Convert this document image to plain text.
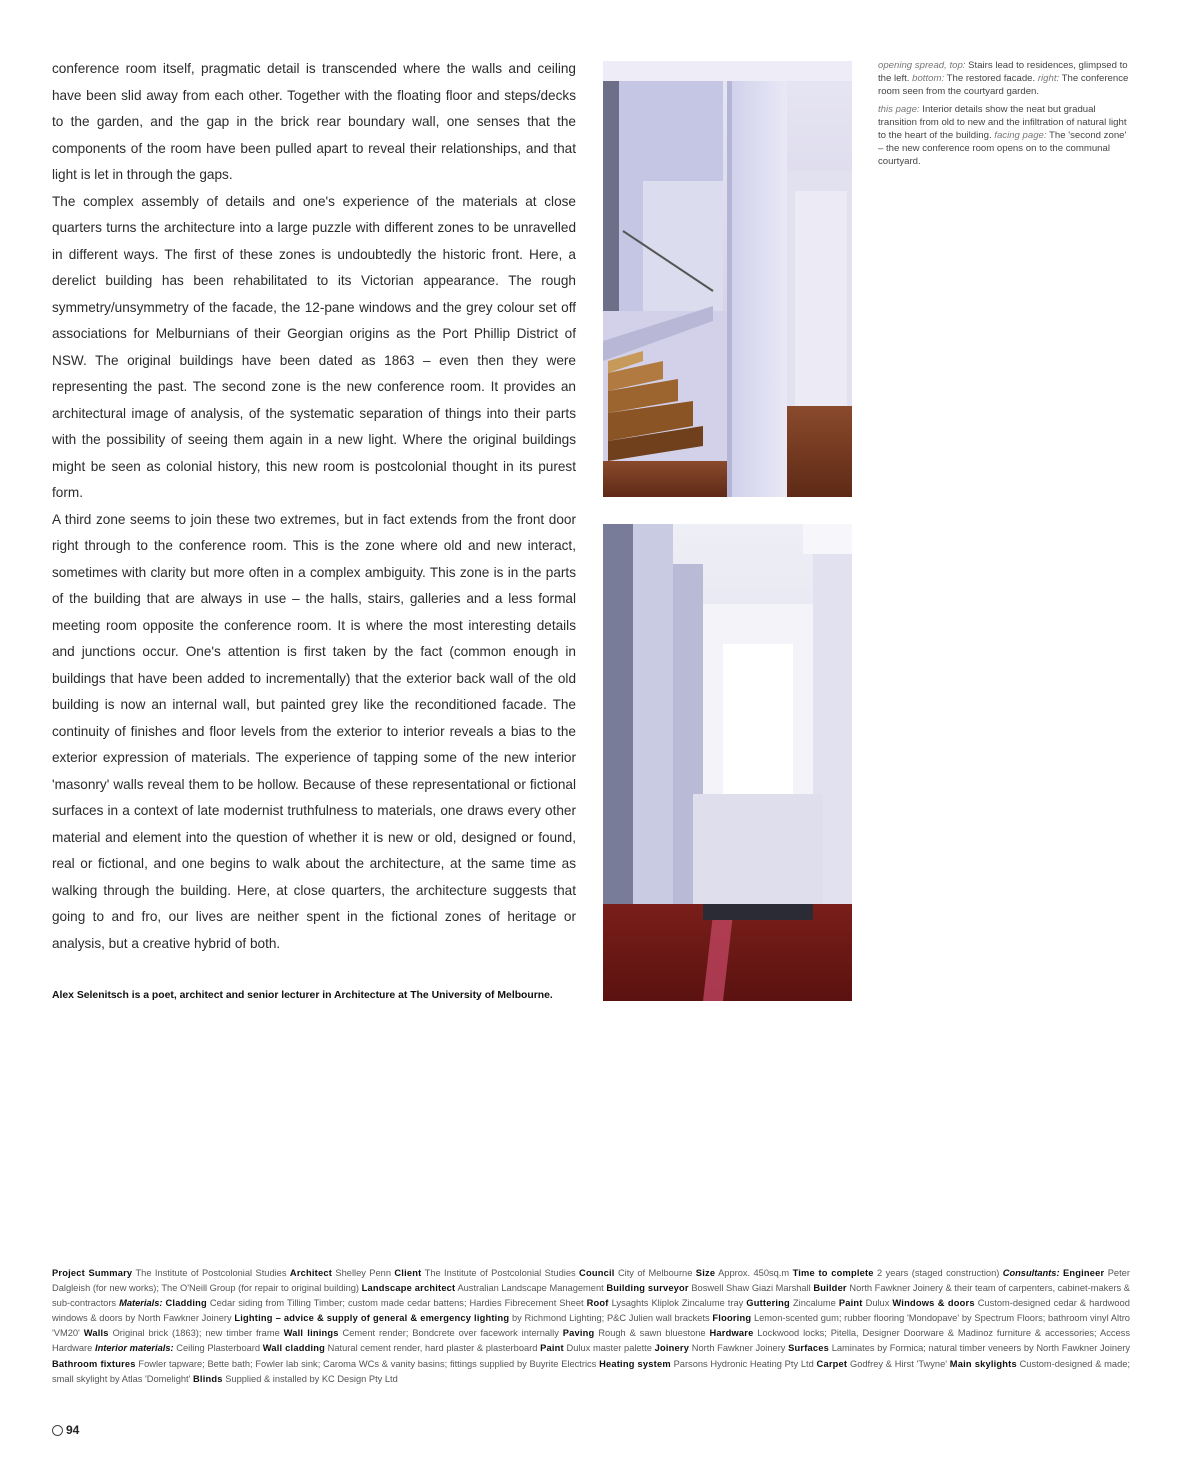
conference room itself, pragmatic detail is transcended where the walls and ceiling have been slid away from each other. Together with the floating floor and steps/decks to the garden, and the gap in the brick rear boundary wall, one senses that the components of the room have been pulled apart to reveal their relationships, and that light is let in through the gaps.

The complex assembly of details and one's experience of the materials at close quarters turns the architecture into a large puzzle with different zones to be unravelled in different ways. The first of these zones is undoubtedly the historic front. Here, a derelict building has been rehabilitated to its Victorian appearance. The rough symmetry/unsymmetry of the facade, the 12-pane windows and the grey colour set off associations for Melburnians of their Georgian origins as the Port Phillip District of NSW. The original buildings have been dated as 1863 – even then they were representing the past. The second zone is the new conference room. It provides an architectural image of analysis, of the systematic separation of things into their parts with the possibility of seeing them again in a new light. Where the original buildings might be seen as colonial history, this new room is postcolonial thought in its purest form.

A third zone seems to join these two extremes, but in fact extends from the front door right through to the conference room. This is the zone where old and new interact, sometimes with clarity but more often in a complex ambiguity. This zone is in the parts of the building that are always in use – the halls, stairs, galleries and a less formal meeting room opposite the conference room. It is where the most interesting details and junctions occur. One's attention is first taken by the fact (common enough in buildings that have been added to incrementally) that the exterior back wall of the old building is now an internal wall, but painted grey like the reconditioned facade. The continuity of finishes and floor levels from the exterior to interior reveals a bias to the exterior expression of materials. The experience of tapping some of the new interior 'masonry' walls reveal them to be hollow. Because of these representational or fictional surfaces in a context of late modernist truthfulness to materials, one draws every other material and element into the question of whether it is new or old, designed or found, real or fictional, and one begins to walk about the architecture, at the same time as walking through the building. Here, at close quarters, the architecture suggests that going to and fro, our lives are neither spent in the fictional zones of heritage or analysis, but a creative hybrid of both.

Alex Selenitsch is a poet, architect and senior lecturer in Architecture at The University of Melbourne.

opening spread, top: Stairs lead to residences, glimpsed to the left. bottom: The restored facade. right: The conference room seen from the courtyard garden.

this page: Interior details show the neat but gradual transition from old to new and the infiltration of natural light to the heart of the building. facing page: The 'second zone' – the new conference room opens on to the communal courtyard.

Project Summary The Institute of Postcolonial Studies Architect Shelley Penn Client The Institute of Postcolonial Studies Council City of Melbourne Size Approx. 450sq.m Time to complete 2 years (staged construction) Consultants: Engineer Peter Dalgleish (for new works); The O'Neill Group (for repair to original building) Landscape architect Australian Landscape Management Building surveyor Boswell Shaw Giazi Marshall Builder North Fawkner Joinery & their team of carpenters, cabinet-makers & sub-contractors Materials: Cladding Cedar siding from Tilling Timber; custom made cedar battens; Hardies Fibrecement Sheet Roof Lysaghts Kliplok Zincalume tray Guttering Zincalume Paint Dulux Windows & doors Custom-designed cedar & hardwood windows & doors by North Fawkner Joinery Lighting – advice & supply of general & emergency lighting by Richmond Lighting; P&C Julien wall brackets Flooring Lemon-scented gum; rubber flooring 'Mondopave' by Spectrum Floors; bathroom vinyl Altro 'VM20' Walls Original brick (1863); new timber frame Wall linings Cement render; Bondcrete over facework internally Paving Rough & sawn bluestone Hardware Lockwood locks; Pitella, Designer Doorware & Madinoz furniture & accessories; Access Hardware Interior materials: Ceiling Plasterboard Wall cladding Natural cement render, hard plaster & plasterboard Paint Dulux master palette Joinery North Fawkner Joinery Surfaces Laminates by Formica; natural timber veneers by North Fawkner Joinery Bathroom fixtures Fowler tapware; Bette bath; Fowler lab sink; Caroma WCs & vanity basins; fittings supplied by Buyrite Electrics Heating system Parsons Hydronic Heating Pty Ltd Carpet Godfrey & Hirst 'Twyne' Main skylights Custom-designed & made; small skylight by Atlas 'Domelight' Blinds Supplied & installed by KC Design Pty Ltd
94
